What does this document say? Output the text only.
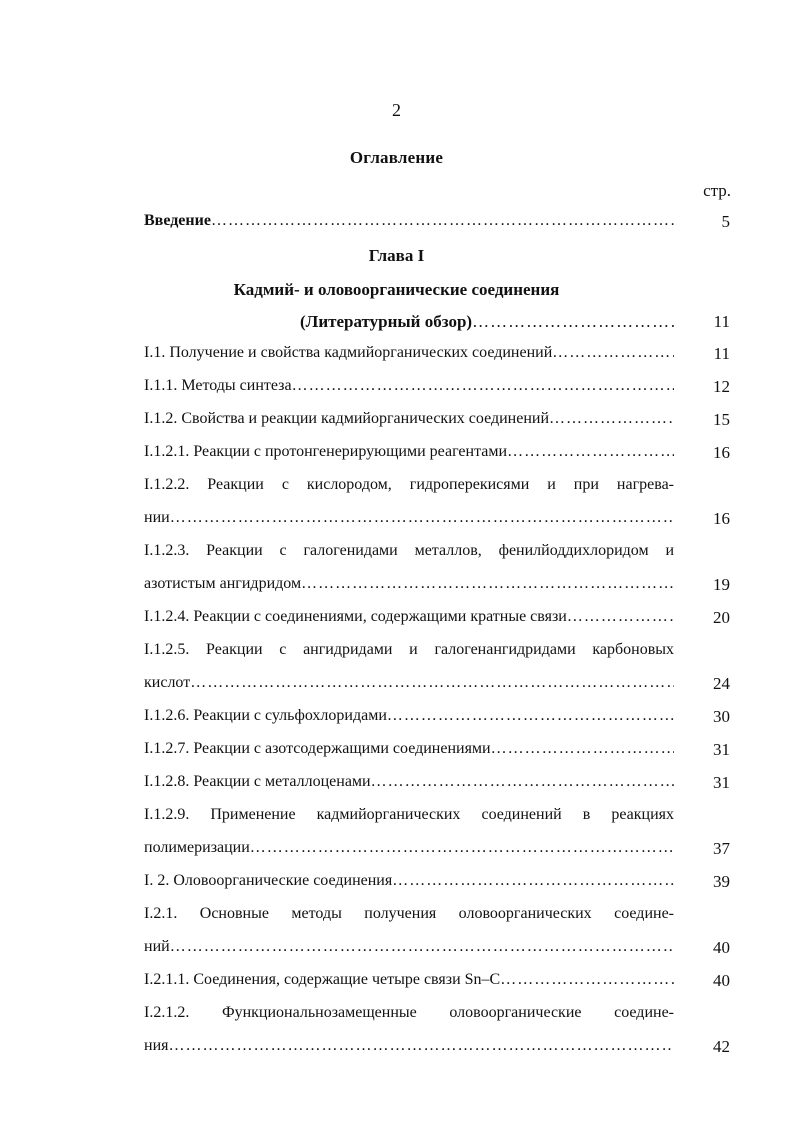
2
Оглавление
стр.
Введение ……………………………………………………………………………………………………………………………………………………	5
Глава I
Кадмий- и оловоорганические соединения
(Литературный обзор) ……………………………………………………………………………………………	11
I.1. Получение и свойства кадмийорганических соединений ……………………………………………………………………………………………………………………………………………………	11
I.1.1. Методы синтеза ……………………………………………………………………………………………………………………………………………………	12
I.1.2. Свойства и реакции кадмийорганических соединений ……………………………………………………………………………………………………………………………………………………	15
I.1.2.1. Реакции с протонгенерирующими реагентами ……………………………………………………………………………………………………………………………………………………	16
I.1.2.2. Реакции с кислородом, гидроперекисями и при нагрева-
нии ……………………………………………………………………………………………………………………………………………………	16
I.1.2.3. Реакции с галогенидами металлов, фенилйоддихлоридом и
азотистым ангидридом ……………………………………………………………………………………………………………………………………………………	19
I.1.2.4. Реакции с соединениями, содержащими кратные связи ……………………………………………………………………………………………………………………………………………………	20
I.1.2.5. Реакции с ангидридами и галогенангидридами карбоновых
кислот ……………………………………………………………………………………………………………………………………………………	24
I.1.2.6. Реакции с сульфохлоридами ……………………………………………………………………………………………………………………………………………………	30
I.1.2.7. Реакции с азотсодержащими соединениями ……………………………………………………………………………………………………………………………………………………	31
I.1.2.8. Реакции с металлоценами ……………………………………………………………………………………………………………………………………………………	31
I.1.2.9. Применение кадмийорганических соединений в реакциях
полимеризации ……………………………………………………………………………………………………………………………………………………	37
I. 2. Оловоорганические соединения ……………………………………………………………………………………………………………………………………………………	39
I.2.1. Основные методы получения оловоорганических соедине-
ний ……………………………………………………………………………………………………………………………………………………	40
I.2.1.1. Соединения, содержащие четыре связи Sn–C ……………………………………………………………………………………………………………………………………………………	40
I.2.1.2. Функциональнозамещенные оловоорганические соедине-
ния ……………………………………………………………………………………………………………………………………………………	42
